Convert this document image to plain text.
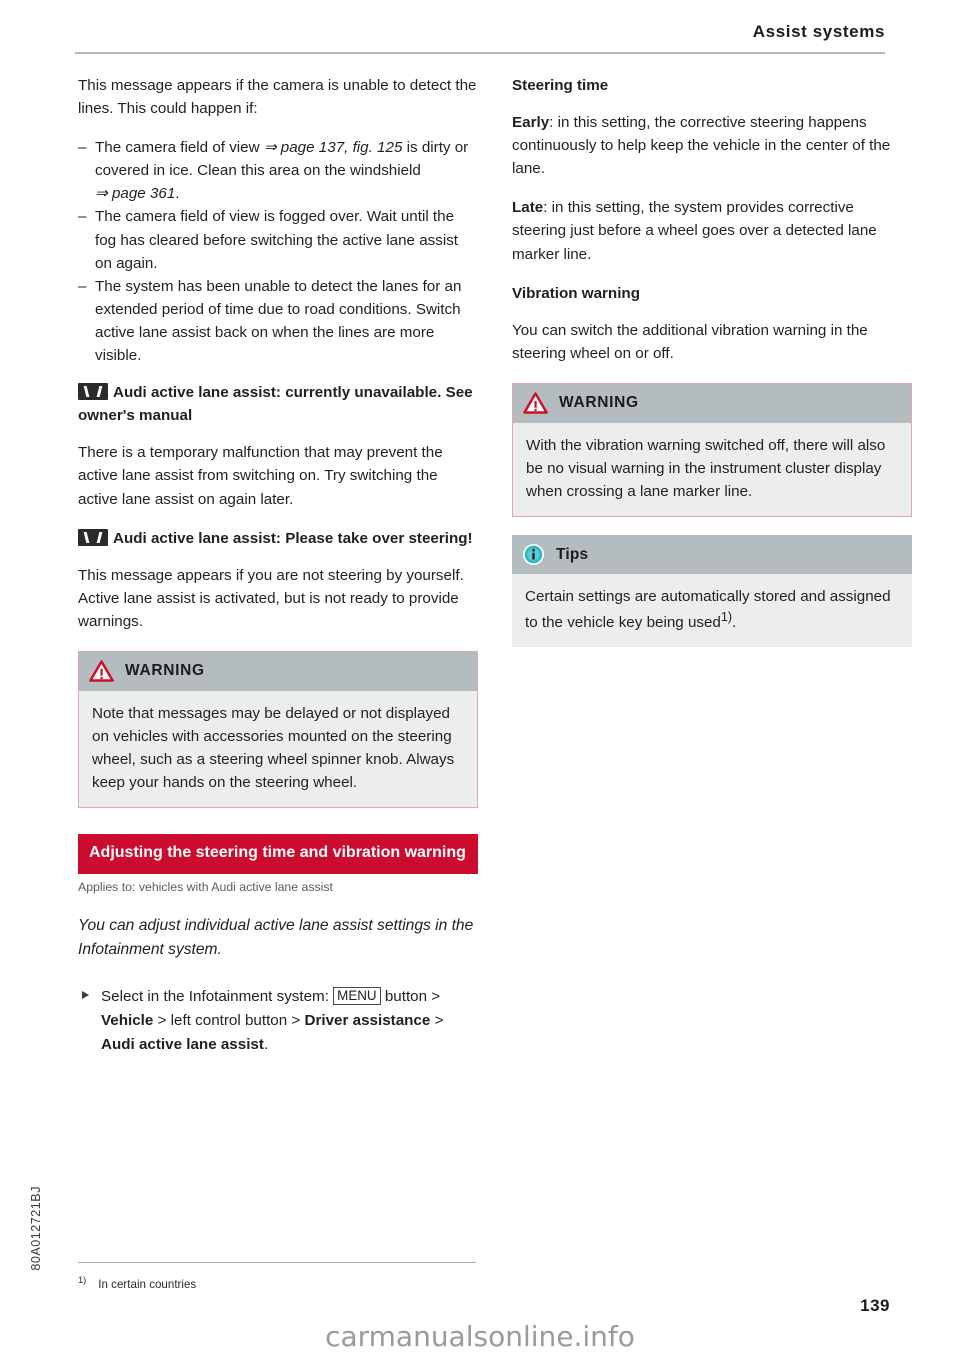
Assist systems

This message appears if the camera is unable to detect the lines. This could happen if:

– The camera field of view ⇒ page 137, fig. 125 is dirty or covered in ice. Clean this area on the windshield ⇒ page 361.
– The camera field of view is fogged over. Wait until the fog has cleared before switching the active lane assist on again.
– The system has been unable to detect the lanes for an extended period of time due to road conditions. Switch active lane assist back on when the lines are more visible.
Audi active lane assist: currently unavailable. See owner's manual

There is a temporary malfunction that may prevent the active lane assist from switching on. Try switching the active lane assist on again later.

Audi active lane assist: Please take over steering!

This message appears if you are not steering by yourself. Active lane assist is activated, but is not ready to provide warnings.

WARNING
Note that messages may be delayed or not displayed on vehicles with accessories mounted on the steering wheel, such as a steering wheel spinner knob. Always keep your hands on the steering wheel.
Adjusting the steering time and vibration warning
Applies to: vehicles with Audi active lane assist
You can adjust individual active lane assist settings in the Infotainment system.
Select in the Infotainment system: MENU button > Vehicle > left control button > Driver assistance > Audi active lane assist.
Steering time

Early: in this setting, the corrective steering happens continuously to help keep the vehicle in the center of the lane.

Late: in this setting, the system provides corrective steering just before a wheel goes over a detected lane marker line.

Vibration warning

You can switch the additional vibration warning in the steering wheel on or off.

WARNING
With the vibration warning switched off, there will also be no visual warning in the instrument cluster display when crossing a lane marker line.
Tips
Certain settings are automatically stored and assigned to the vehicle key being used$^{1)}$.
$^{1)}$ In certain countries
80A012721BJ
139
carmanualsonline.info
